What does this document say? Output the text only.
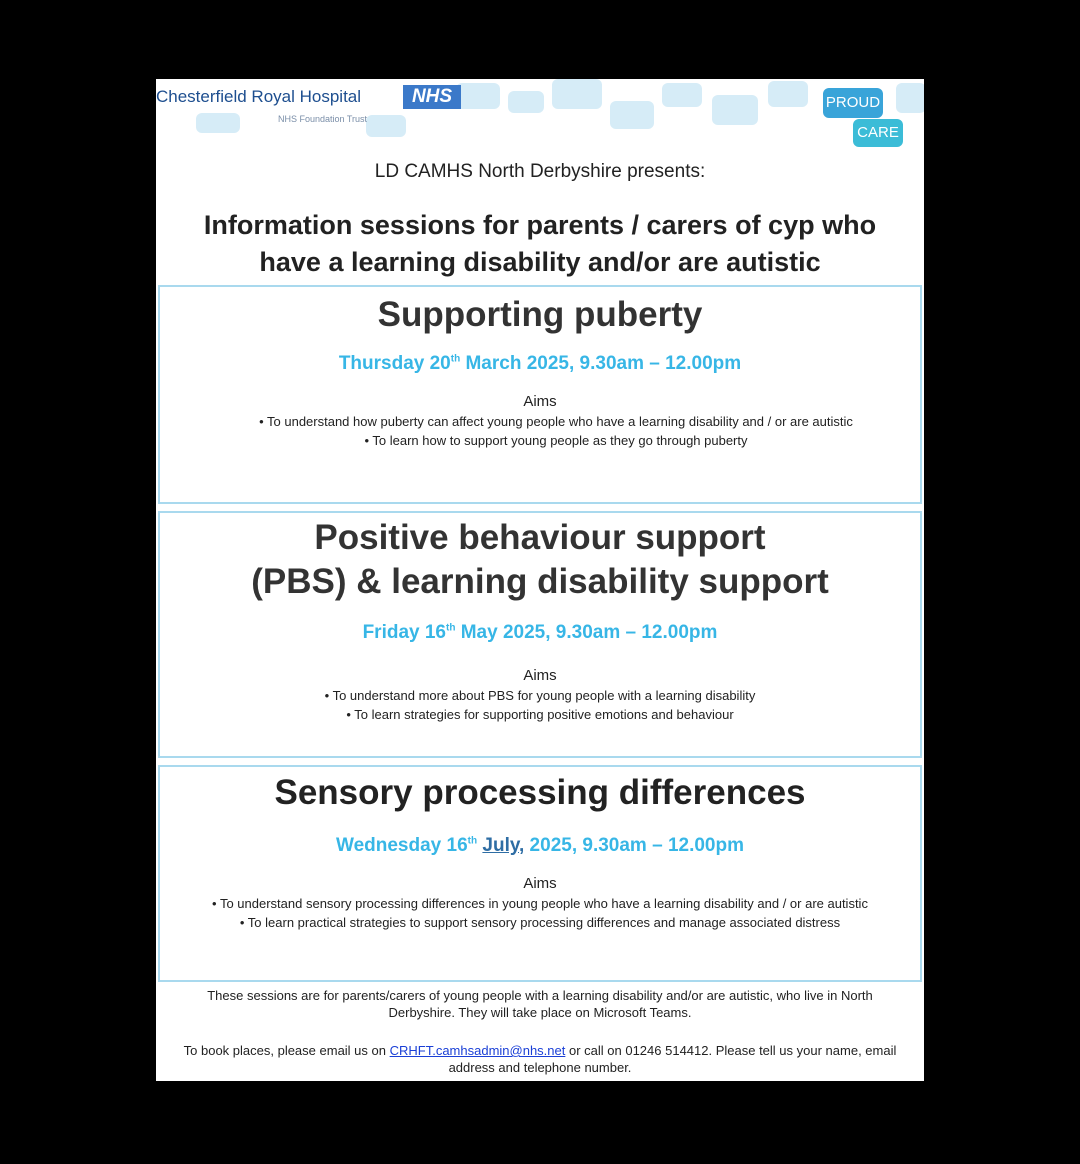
Chesterfield Royal Hospital	NHS
NHS Foundation Trust
PROUD
CARE
LD CAMHS North Derbyshire presents:
Information sessions for parents / carers of cyp who
have a learning disability and/or are autistic
Supporting puberty
Thursday 20th March 2025, 9.30am – 12.00pm
Aims
• To understand how puberty can affect young people who have a learning disability and / or are autistic
• To learn how to support young people as they go through puberty
Positive behaviour support
(PBS) & learning disability support
Friday 16th May 2025, 9.30am – 12.00pm
Aims
• To understand more about PBS for young people with a learning disability
• To learn strategies for supporting positive emotions and behaviour
Sensory processing differences
Wednesday 16th July, 2025, 9.30am – 12.00pm
Aims
• To understand sensory processing differences in young people who have a learning disability and / or are autistic
• To learn practical strategies to support sensory processing differences and manage associated distress
These sessions are for parents/carers of young people with a learning disability and/or are autistic, who live in North Derbyshire. They will take place on Microsoft Teams.
To book places, please email us on CRHFT.camhsadmin@nhs.net or call on 01246 514412. Please tell us your name, email address and telephone number.
